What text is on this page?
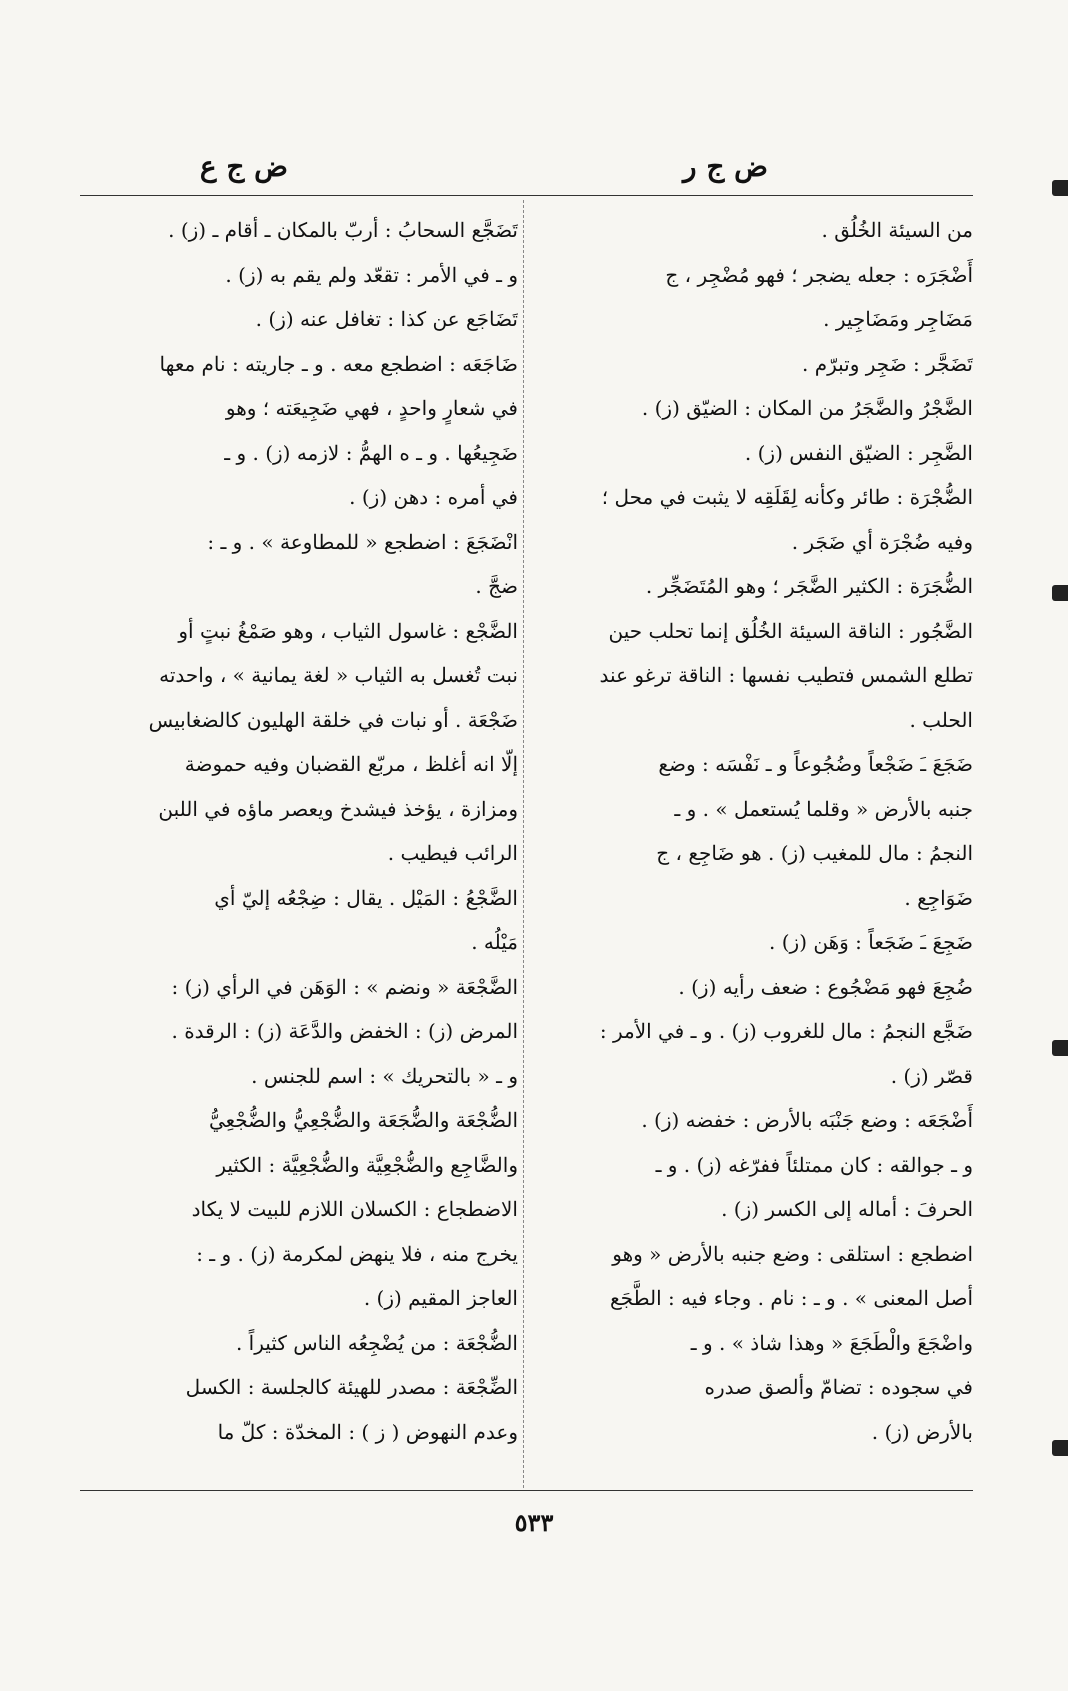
ض ج ر
ض ج ع
من السيئة الخُلُق .
أَضْجَرَه : جعله يضجر ؛ فهو مُضْجِر ، ج
مَضَاجِر ومَضَاجِير .
تَضَجَّر : ضَجِر وتبرّم .
الضَّجْرُ والضَّجَرُ من المكان : الضيّق (ز) .
الضَّجِر : الضيّق النفس (ز) .
الضُّجْرَة : طائر وكأنه لِقَلَقِه لا يثبت في محل ؛
وفيه ضُجْرَة أي ضَجَر .
الضُّجَرَة : الكثير الضَّجَر ؛ وهو المُتَضَجِّر .
الضَّجُور : الناقة السيئة الخُلُق إنما تحلب حين
تطلع الشمس فتطيب نفسها : الناقة ترغو عند
الحلب .
ضَجَعَ ـَ ضَجْعاً وضُجُوعاً و ـ نَفْسَه : وضع
جنبه بالأرض « وقلما يُستعمل » . و ـ
النجمُ : مال للمغيب (ز) . هو ضَاجِع ، ج
ضَوَاجِع .
ضَجِعَ ـَ ضَجَعاً : وَهَن (ز) .
ضُجِعَ فهو مَضْجُوع : ضعف رأيه (ز) .
ضَجَّع النجمُ : مال للغروب (ز) . و ـ في الأمر :
قصّر (ز) .
أَضْجَعَه : وضع جَنْبَه بالأرض : خفضه (ز) .
و ـ جوالقه : كان ممتلئاً ففرّغه (ز) . و ـ
الحرفَ : أماله إلى الكسر (ز) .
اضطجع : استلقى : وضع جنبه بالأرض « وهو
أصل المعنى » . و ـ : نام . وجاء فيه : الطَّجَع
واضْجَعَ والْطَجَعَ « وهذا شاذ » . و ـ
في سجوده : تضامّ وألصق صدره
بالأرض (ز) .
تَضَجَّع السحابُ : أربّ بالمكان ـ أقام ـ (ز) .
و ـ في الأمر : تقعّد ولم يقم به (ز) .
تَضَاجَع عن كذا : تغافل عنه (ز) .
ضَاجَعَه : اضطجع معه . و ـ جاريته : نام معها
في شعارٍ واحدٍ ، فهي ضَجِيعَته ؛ وهو
ضَجِيعُها . و ـ ه الهمُّ : لازمه (ز) . و ـ
في أمره : دهن (ز) .
انْضَجَعَ : اضطجع « للمطاوعة » . و ـ :
ضجَّ .
الضَّجْع : غاسول الثياب ، وهو صَمْغُ نبتٍ أو
نبت تُغسل به الثياب « لغة يمانية » ، واحدته
ضَجْعَة . أو نبات في خلقة الهليون كالضغابيس
إلّا انه أغلظ ، مربّع القضبان وفيه حموضة
ومزازة ، يؤخذ فيشدخ ويعصر ماؤه في اللبن
الرائب فيطيب .
الضَّجْعُ : المَيْل . يقال : ضِجْعُه إليّ أي
مَيْلُه .
الضَّجْعَة « ونضم » : الوَهَن في الرأي (ز) :
المرض (ز) : الخفض والدَّعَة (ز) : الرقدة .
و ـ « بالتحريك » : اسم للجنس .
الضُّجْعَة والضُّجَعَة والضُّجْعِيُّ والضُّجْعِيُّ
والضَّاجِع والضُّجْعِيَّة والضُّجْعِيَّة : الكثير
الاضطجاع : الكسلان اللازم للبيت لا يكاد
يخرج منه ، فلا ينهض لمكرمة (ز) . و ـ :
العاجز المقيم (ز) .
الضُّجْعَة : من يُضْجِعُه الناس كثيراً .
الضِّجْعَة : مصدر للهيئة كالجلسة : الكسل
وعدم النهوض ( ز ) : المخدّة : كلّ ما
٥٣٣
